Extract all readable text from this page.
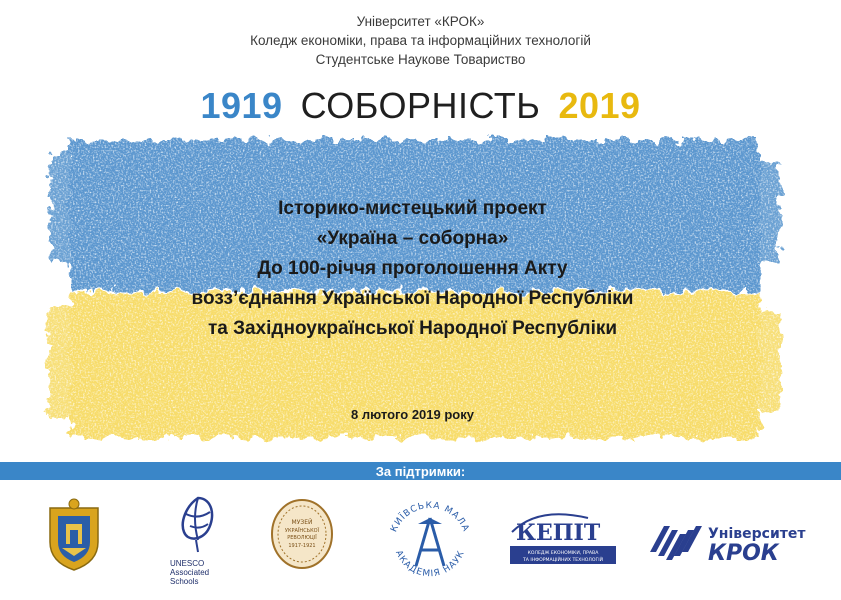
Університет «КРОК»
Коледж економіки, права та інформаційних технологій
Студентське Наукове Товариство
1919 СОБОРНІСТЬ 2019
Історико-мистецький проект
«Україна – соборна»
До 100-річчя проголошення Акту
возз’єднання Української Народної Республіки
та Західноукраїнської Народної Республіки
8 лютого 2019 року
За підтримки:
UNESCO
Associated
Schools
МУЗЕЙ
УКРАЇНСЬКОЇ
РЕВОЛЮЦІЇ
1917-1921
КИЇВСЬКА МАЛА
АКАДЕМІЯ НАУК
КЕПІТ
КОЛЕДЖ ЕКОНОМІКИ, ПРАВА
ТА ІНФОРМАЦІЙНИХ ТЕХНОЛОГІЙ
Університет
КРОК
